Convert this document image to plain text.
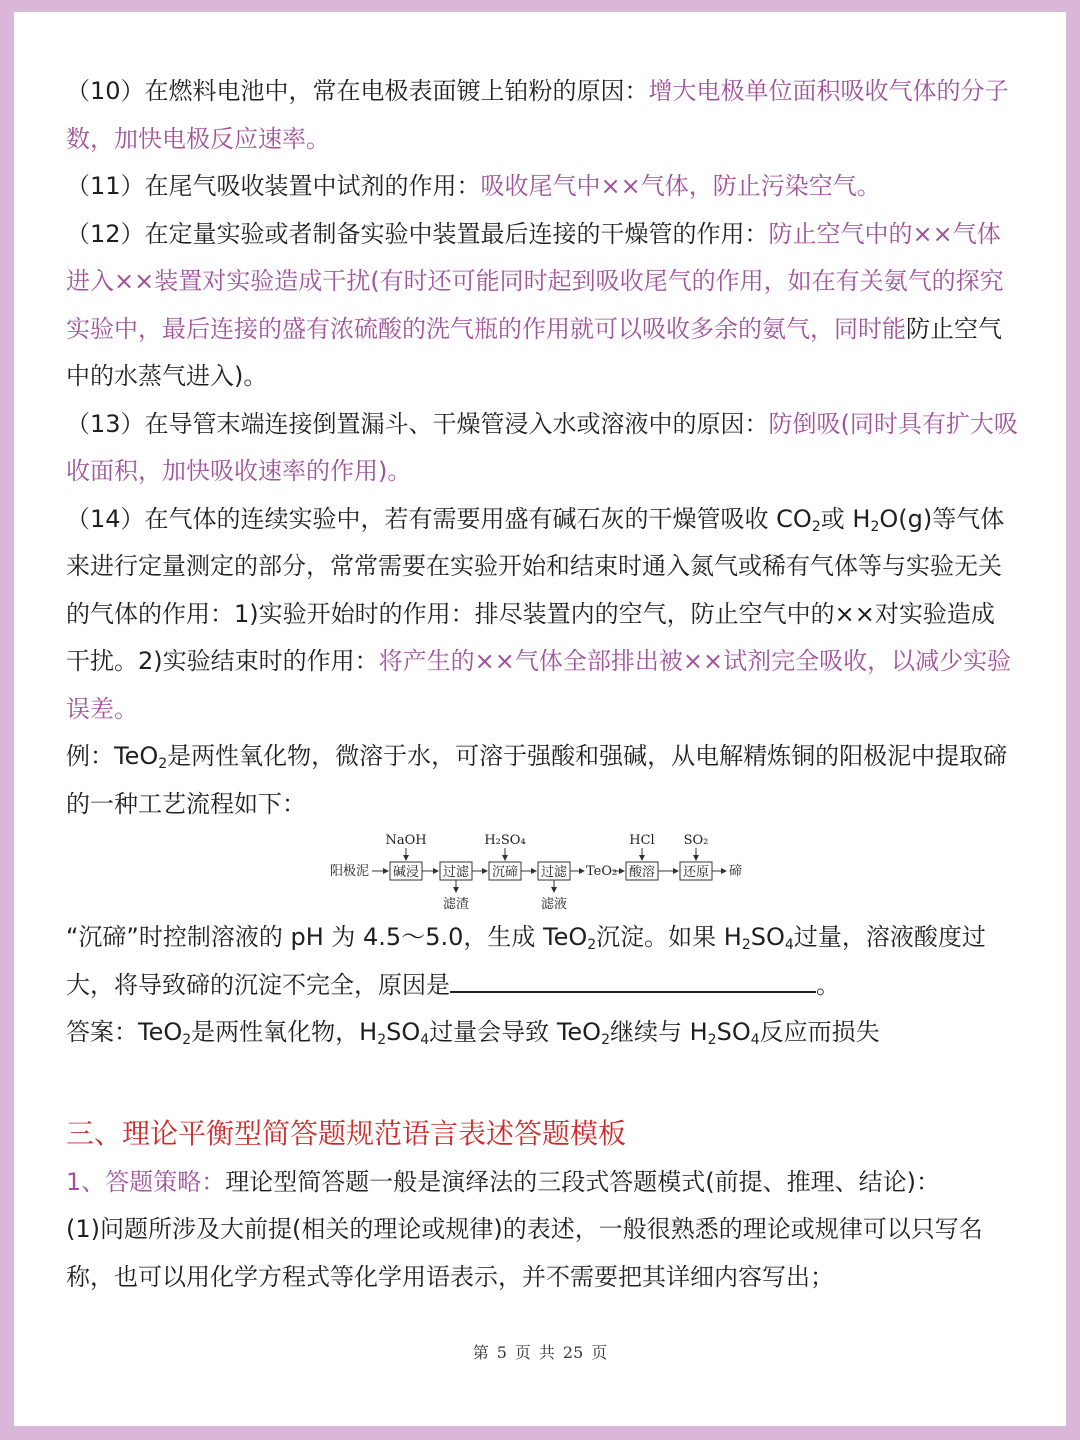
（10）在燃料电池中，常在电极表面镀上铂粉的原因：增大电极单位面积吸收气体的分子数，加快电极反应速率。

（11）在尾气吸收装置中试剂的作用：吸收尾气中××气体，防止污染空气。

（12）在定量实验或者制备实验中装置最后连接的干燥管的作用：防止空气中的××气体进入××装置对实验造成干扰(有时还可能同时起到吸收尾气的作用，如在有关氨气的探究实验中，最后连接的盛有浓硫酸的洗气瓶的作用就可以吸收多余的氨气，同时能防止空气中的水蒸气进入)。

（13）在导管末端连接倒置漏斗、干燥管浸入水或溶液中的原因：防倒吸(同时具有扩大吸收面积，加快吸收速率的作用)。

（14）在气体的连续实验中，若有需要用盛有碱石灰的干燥管吸收 $CO_2$或 $H_2O(g)$等气体来进行定量测定的部分，常常需要在实验开始和结束时通入氮气或稀有气体等与实验无关的气体的作用：1)实验开始时的作用：排尽装置内的空气，防止空气中的××对实验造成干扰。2)实验结束时的作用：将产生的××气体全部排出被××试剂完全吸收，以减少实验误差。

例：TeO$_2$是两性氧化物，微溶于水，可溶于强酸和强碱，从电解精炼铜的阳极泥中提取碲的一种工艺流程如下：

NaOH	H₂SO₄	HCl SO₂
阳极泥 碱浸 过滤 沉碲 过滤 TeO₂ 酸溶 还原 碲
滤渣	滤液

“沉碲”时控制溶液的 pH 为 4.5～5.0，生成 TeO$_2$沉淀。如果 $H_2SO_4$过量，溶液酸度过大，将导致碲的沉淀不完全，原因是	。

答案：TeO$_2$是两性氧化物，$H_2SO_4$过量会导致 TeO$_2$继续与 $H_2SO_4$反应而损失

三、理论平衡型简答题规范语言表述答题模板

1、答题策略：理论型简答题一般是演绎法的三段式答题模式(前提、推理、结论)：

(1)问题所涉及大前提(相关的理论或规律)的表述，一般很熟悉的理论或规律可以只写名称，也可以用化学方程式等化学用语表示，并不需要把其详细内容写出；

第 5 页 共 25 页
